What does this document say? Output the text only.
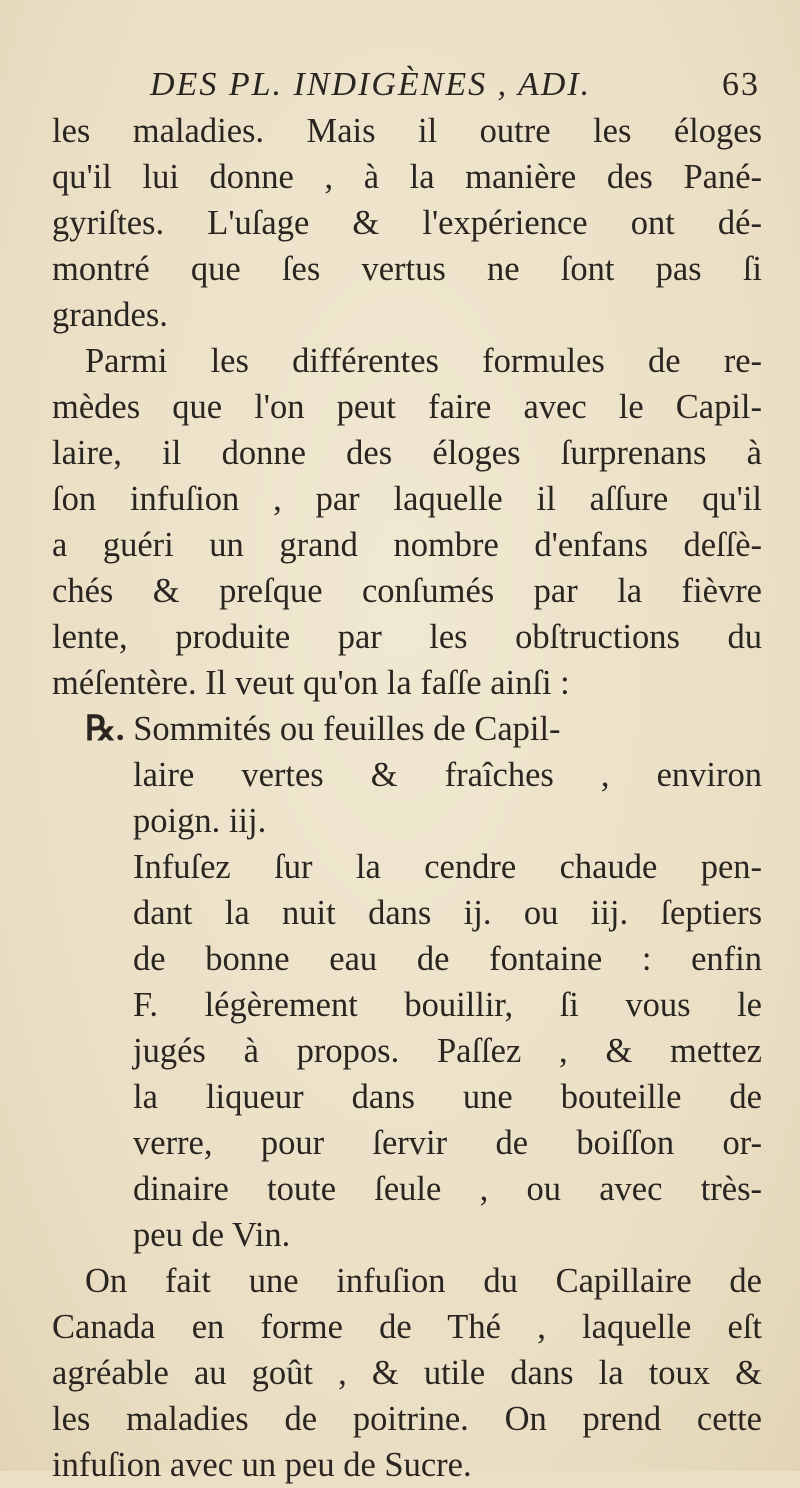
DES PL. INDIGÈNES , ADI.	63
les maladies. Mais il outre les éloges
qu'il lui donne , à la manière des Pané-
gyriſtes. L'uſage & l'expérience ont dé-
montré que ſes vertus ne ſont pas ſi
grandes.
Parmi les différentes formules de re-
mèdes que l'on peut faire avec le Capil-
laire, il donne des éloges ſurprenans à
ſon infuſion , par laquelle il aſſure qu'il
a guéri un grand nombre d'enfans deſſè-
chés & preſque conſumés par la fièvre
lente, produite par les obſtructions du
méſentère. Il veut qu'on la faſſe ainſi :
℞. Sommités ou feuilles de Capil-
laire vertes & fraîches , environ
poign. iij.
Infuſez ſur la cendre chaude pen-
dant la nuit dans ij. ou iij. ſeptiers
de bonne eau de fontaine : enfin
F. légèrement bouillir, ſi vous le
jugés à propos. Paſſez , & mettez
la liqueur dans une bouteille de
verre, pour ſervir de boiſſon or-
dinaire toute ſeule , ou avec très-
peu de Vin.
On fait une infuſion du Capillaire de
Canada en forme de Thé , laquelle eſt
agréable au goût , & utile dans la toux &
les maladies de poitrine. On prend cette
infuſion avec un peu de Sucre.
